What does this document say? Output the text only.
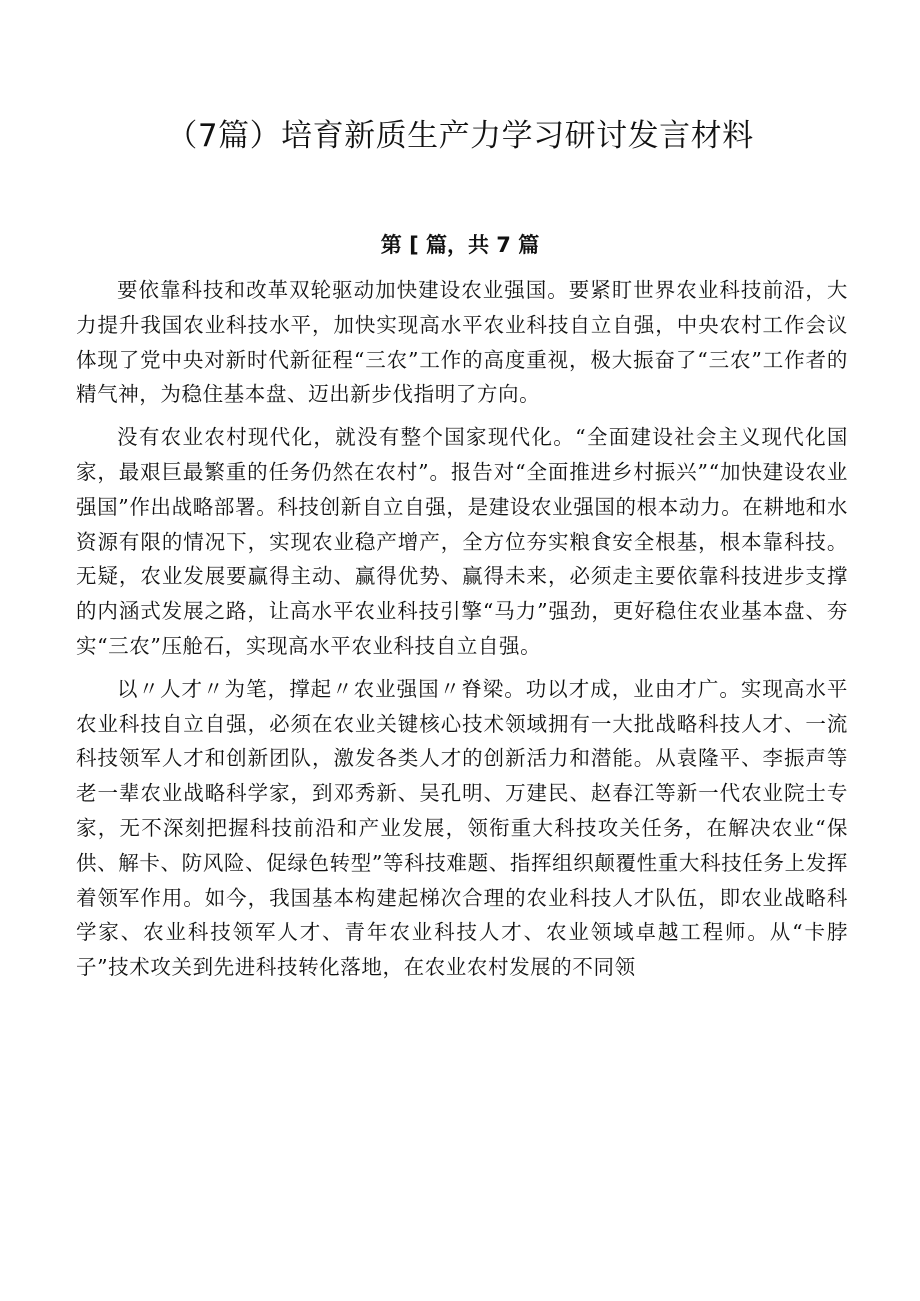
（7篇）培育新质生产力学习研讨发言材料
第 [ 篇，共 7 篇

要依靠科技和改革双轮驱动加快建设农业强国。要紧盯世界农业科技前沿，大力提升我国农业科技水平，加快实现高水平农业科技自立自强，中央农村工作会议体现了党中央对新时代新征程“三农”工作的高度重视，极大振奋了“三农”工作者的精气神，为稳住基本盘、迈出新步伐指明了方向。

没有农业农村现代化，就没有整个国家现代化。“全面建设社会主义现代化国家，最艰巨最繁重的任务仍然在农村”。报告对“全面推进乡村振兴”“加快建设农业强国”作出战略部署。科技创新自立自强，是建设农业强国的根本动力。在耕地和水资源有限的情况下，实现农业稳产增产，全方位夯实粮食安全根基，根本靠科技。无疑，农业发展要赢得主动、赢得优势、赢得未来，必须走主要依靠科技进步支撑的内涵式发展之路，让高水平农业科技引擎“马力”强劲，更好稳住农业基本盘、夯实“三农”压舱石，实现高水平农业科技自立自强。

以〃人才〃为笔，撑起〃农业强国〃脊梁。功以才成，业由才广。实现高水平农业科技自立自强，必须在农业关键核心技术领域拥有一大批战略科技人才、一流科技领军人才和创新团队，激发各类人才的创新活力和潜能。从袁隆平、李振声等老一辈农业战略科学家，到邓秀新、吴孔明、万建民、赵春江等新一代农业院士专家，无不深刻把握科技前沿和产业发展，领衔重大科技攻关任务，在解决农业“保供、解卡、防风险、促绿色转型”等科技难题、指挥组织颠覆性重大科技任务上发挥着领军作用。如今，我国基本构建起梯次合理的农业科技人才队伍，即农业战略科学家、农业科技领军人才、青年农业科技人才、农业领域卓越工程师。从“卡脖子”技术攻关到先进科技转化落地，在农业农村发展的不同领
